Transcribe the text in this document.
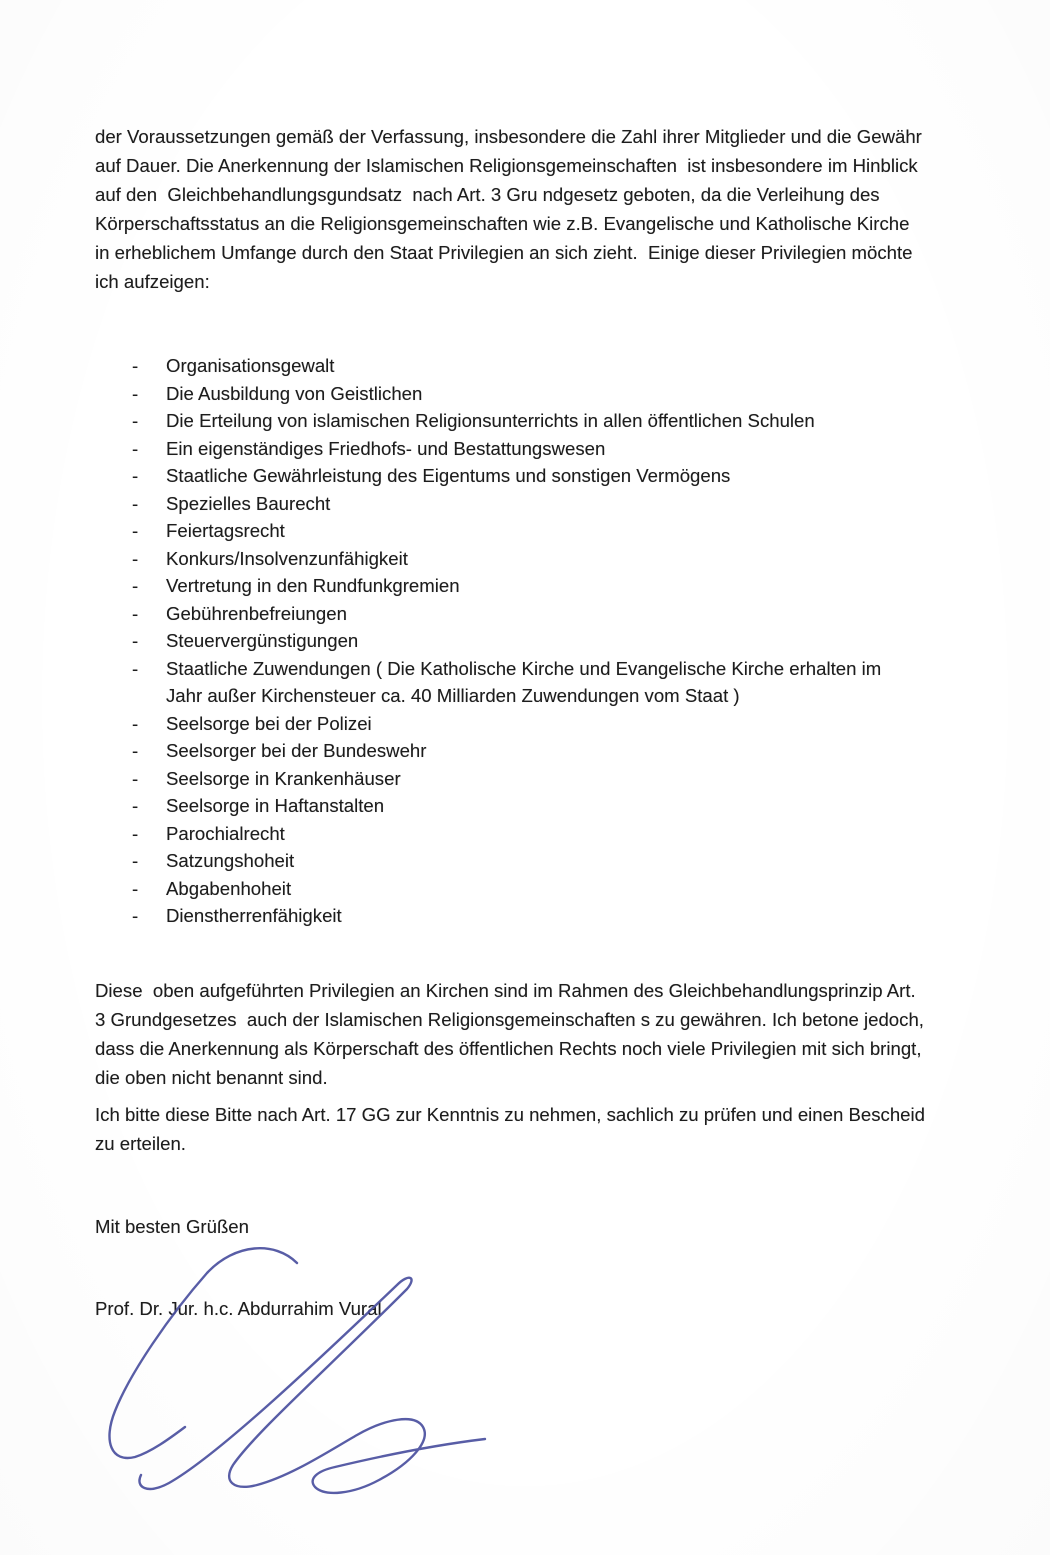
der Voraussetzungen gemäß der Verfassung, insbesondere die Zahl ihrer Mitglieder und die Gewähr auf Dauer. Die Anerkennung der Islamischen Religionsgemeinschaften  ist insbesondere im Hinblick auf den  Gleichbehandlungsgundsatz  nach Art. 3 Gru ndgesetz geboten, da die Verleihung des Körperschaftsstatus an die Religionsgemeinschaften wie z.B. Evangelische und Katholische Kirche in erheblichem Umfange durch den Staat Privilegien an sich zieht.  Einige dieser Privilegien möchte ich aufzeigen:

-	Organisationsgewalt
-	Die Ausbildung von Geistlichen
-	Die Erteilung von islamischen Religionsunterrichts in allen öffentlichen Schulen
-	Ein eigenständiges Friedhofs- und Bestattungswesen
-	Staatliche Gewährleistung des Eigentums und sonstigen Vermögens
-	Spezielles Baurecht
-	Feiertagsrecht
-	Konkurs/Insolvenzunfähigkeit
-	Vertretung in den Rundfunkgremien
-	Gebührenbefreiungen
-	Steuervergünstigungen
-	Staatliche Zuwendungen ( Die Katholische Kirche und Evangelische Kirche erhalten im Jahr außer Kirchensteuer ca. 40 Milliarden Zuwendungen vom Staat )
-	Seelsorge bei der Polizei
-	Seelsorger bei der Bundeswehr
-	Seelsorge in Krankenhäuser
-	Seelsorge in Haftanstalten
-	Parochialrecht
-	Satzungshoheit
-	Abgabenhoheit
-	Dienstherrenfähigkeit

Diese  oben aufgeführten Privilegien an Kirchen sind im Rahmen des Gleichbehandlungsprinzip Art. 3 Grundgesetzes  auch der Islamischen Religionsgemeinschaften s zu gewähren. Ich betone jedoch, dass die Anerkennung als Körperschaft des öffentlichen Rechts noch viele Privilegien mit sich bringt, die oben nicht benannt sind.

Ich bitte diese Bitte nach Art. 17 GG zur Kenntnis zu nehmen, sachlich zu prüfen und einen Bescheid zu erteilen.

Mit besten Grüßen

Prof. Dr. Jur. h.c. Abdurrahim Vural
